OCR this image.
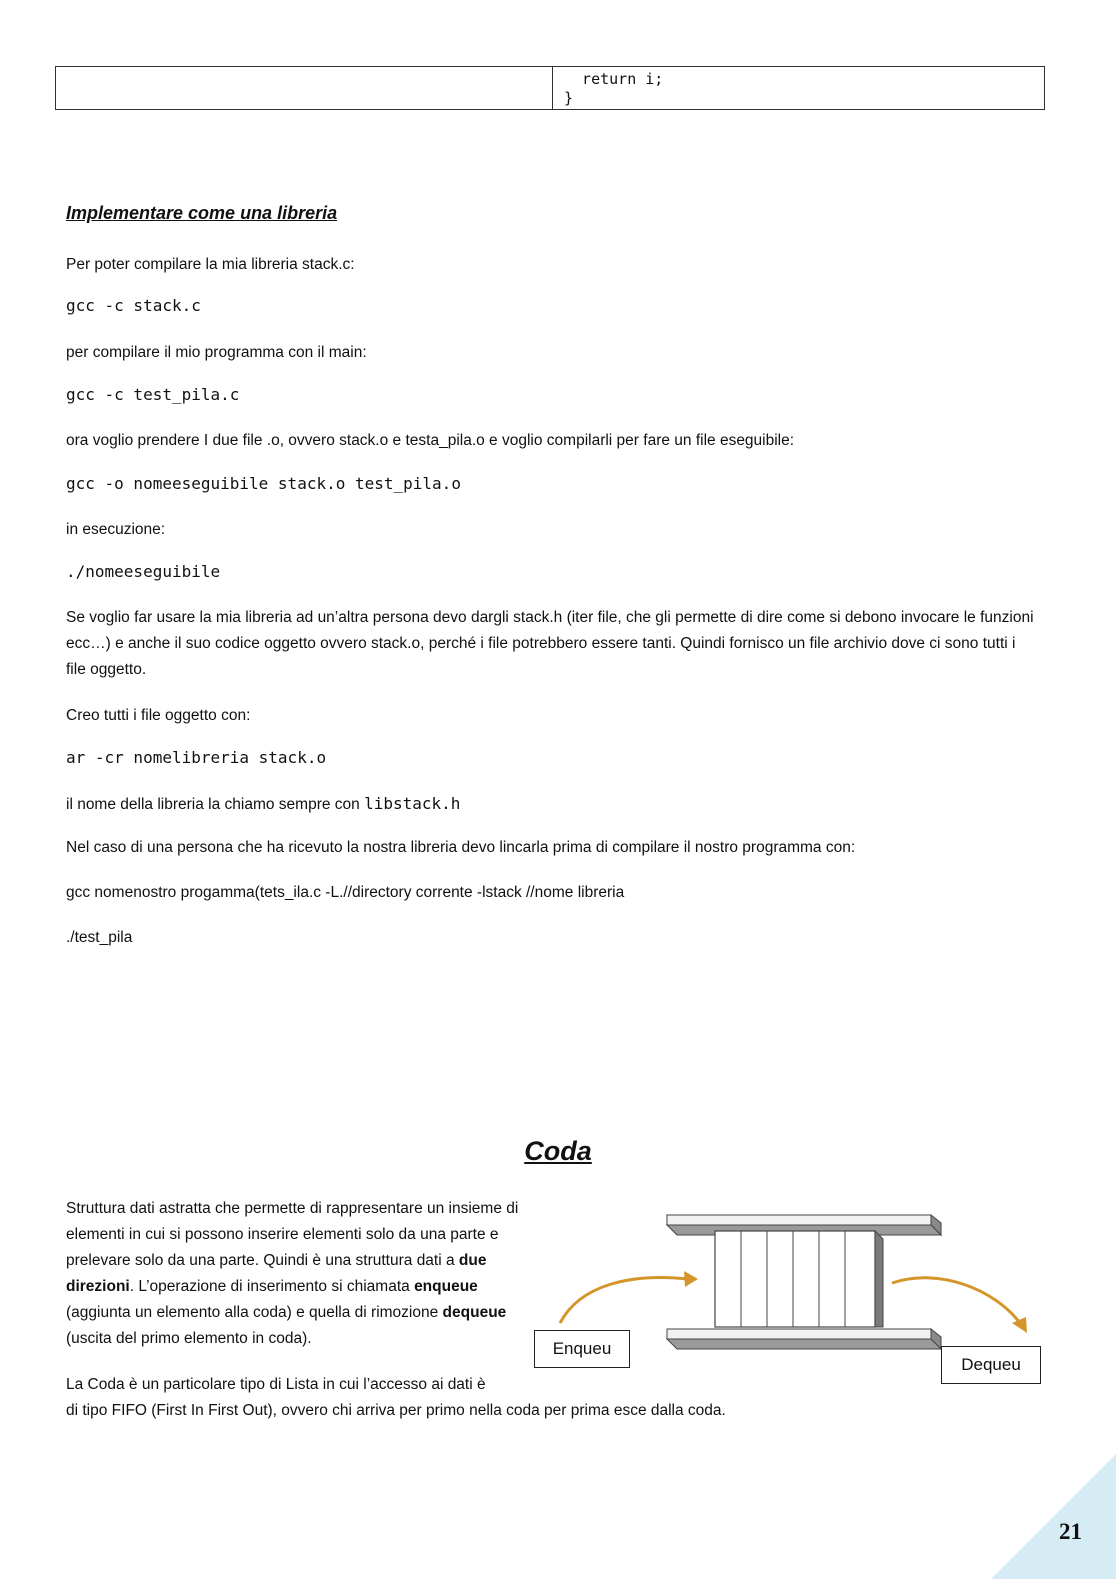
return i;
}
Implementare come una libreria

Per poter compilare la mia libreria stack.c:

gcc -c stack.c

per compilare il mio programma con il main:

gcc -c test_pila.c

ora voglio prendere I due file .o, ovvero stack.o e testa_pila.o e voglio compilarli per fare un file eseguibile:

gcc -o nomeeseguibile stack.o test_pila.o

in esecuzione:

./nomeeseguibile

Se voglio far usare la mia libreria ad un’altra persona devo dargli stack.h (iter file, che gli permette di dire come si debono invocare le funzioni ecc…) e anche il suo codice oggetto ovvero stack.o, perché i file potrebbero essere tanti. Quindi fornisco un file archivio dove ci sono tutti i file oggetto.

Creo tutti i file oggetto con:

ar -cr nomelibreria stack.o

il nome della libreria la chiamo sempre con libstack.h

Nel caso di una persona che ha ricevuto la nostra libreria devo lincarla prima di compilare il nostro programma con:

gcc nomenostro progamma(tets_ila.c -L.//directory corrente -lstack //nome libreria

./test_pila

Coda

Struttura dati astratta che permette di rappresentare un insieme di elementi in cui si possono inserire elementi solo da una parte e prelevare solo da una parte. Quindi è una struttura dati a due direzioni. L’operazione di inserimento si chiamata enqueue (aggiunta un elemento alla coda) e quella di rimozione dequeue (uscita del primo elemento in coda).

La Coda è un particolare tipo di Lista in cui l’accesso ai dati è

di tipo FIFO (First In First Out), ovvero chi arriva per primo nella coda per prima esce dalla coda.

Enqueu
Dequeu
21
